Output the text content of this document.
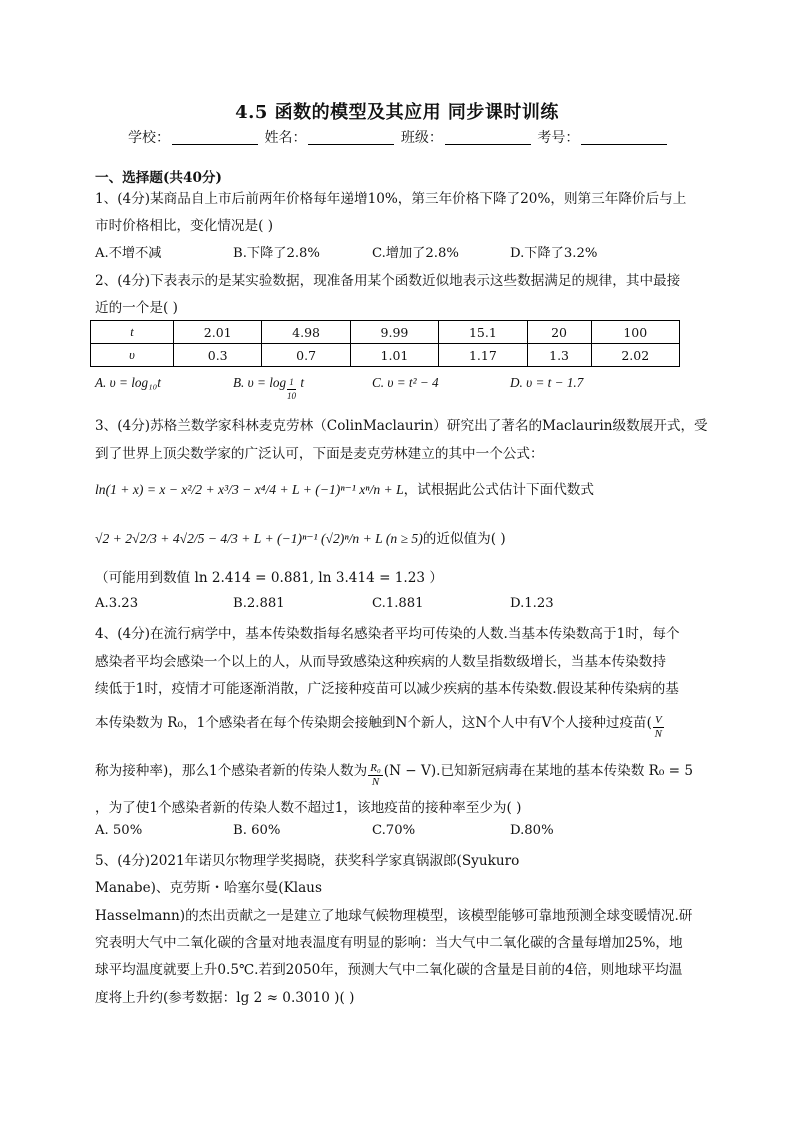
4.5 函数的模型及其应用 同步课时训练
学校：	姓名：	班级：	考号：
一、选择题(共40分)
1、(4分)某商品自上市后前两年价格每年递增10%，第三年价格下降了20%，则第三年降价后与上
市时价格相比，变化情况是( )
A.不增不减	B.下降了2.8%	C.增加了2.8%	D.下降了3.2%
2、(4分)下表表示的是某实验数据，现准备用某个函数近似地表示这些数据满足的规律，其中最接
近的一个是( )
t	2.01	4.98	9.99	15.1	20	100
υ	0.3	0.7	1.01	1.17	1.3	2.02
A. υ = log₁₀t	B. $\upsilon = \log \frac{1}{10}$ t	C. υ = t² − 4	D. υ = t − 1.7
3、(4分)苏格兰数学家科林麦克劳林（ColinMaclaurin）研究出了著名的Maclaurin级数展开式，受
到了世界上顶尖数学家的广泛认可，下面是麦克劳林建立的其中一个公式：
ln(1 + x) = x − x²/2 + x³/3 − x⁴/4 + L + (−1)ⁿ⁻¹ xⁿ/n + L，试根据此公式估计下面代数式
√2 + 2√2/3 + 4√2/5 − 4/3 + L + (−1)ⁿ⁻¹ (√2)ⁿ/n + L (n ≥ 5)的近似值为( )
（可能用到数值 ln 2.414 = 0.881, ln 3.414 = 1.23 ）
A.3.23	B.2.881	C.1.881	D.1.23
4、(4分)在流行病学中，基本传染数指每名感染者平均可传染的人数.当基本传染数高于1时，每个
感染者平均会感染一个以上的人，从而导致感染这种疾病的人数呈指数级增长，当基本传染数持
续低于1时，疫情才可能逐渐消散，广泛接种疫苗可以减少疾病的基本传染数.假设某种传染病的基
本传染数为 R₀，1个感染者在每个传染期会接触到N个新人，这N个人中有V个人接种过疫苗( $\frac{V}{N}$
称为接种率)，那么1个感染者新的传染人数为 $\frac{\text{R₀}}{N} (N - V)$.已知新冠病毒在某地的基本传染数 R₀ = 5
，为了使1个感染者新的传染人数不超过1，该地疫苗的接种率至少为( )
A. 50%	B. 60%	C.70%	D.80%
5、(4分)2021年诺贝尔物理学奖揭晓，获奖科学家真锅淑郎(Syukuro
Manabe)、克劳斯・哈塞尔曼(Klaus
Hasselmann)的杰出贡献之一是建立了地球气候物理模型，该模型能够可靠地预测全球变暖情况.研
究表明大气中二氧化碳的含量对地表温度有明显的影响：当大气中二氧化碳的含量每增加25%，地
球平均温度就要上升0.5℃.若到2050年，预测大气中二氧化碳的含量是目前的4倍，则地球平均温
度将上升约(参考数据：lg 2 ≈ 0.3010 )( )
